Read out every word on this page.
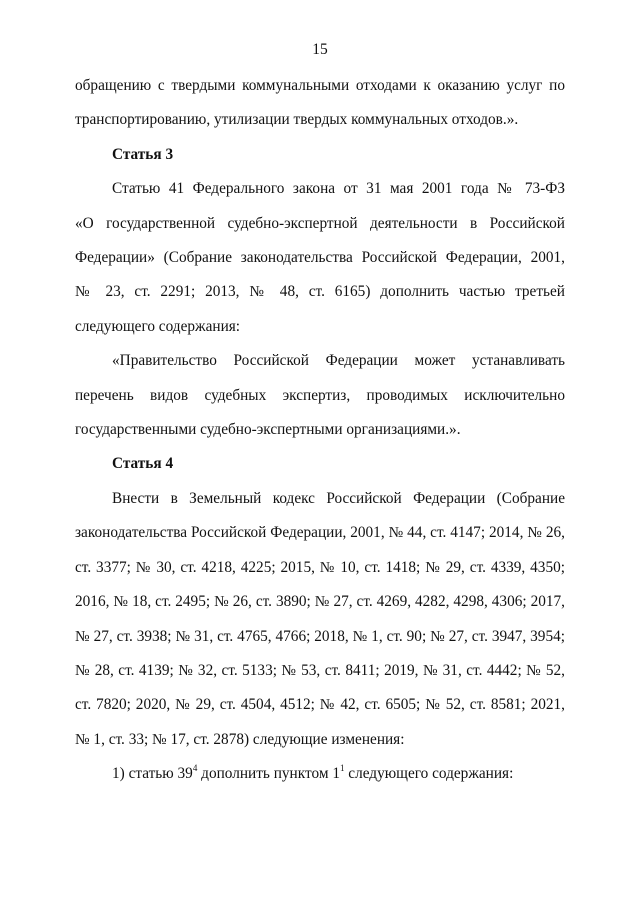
15

обращению с твердыми коммунальными отходами к оказанию услуг по
транспортированию, утилизации твердых коммунальных отходов.».

Статья 3

Статью 41 Федерального закона от 31 мая 2001 года № 73-ФЗ
«О государственной судебно-экспертной деятельности в Российской
Федерации» (Собрание законодательства Российской Федерации, 2001,
№ 23, ст. 2291; 2013, № 48, ст. 6165) дополнить частью третьей
следующего содержания:

«Правительство Российской Федерации может устанавливать
перечень видов судебных экспертиз, проводимых исключительно
государственными судебно-экспертными организациями.».

Статья 4

Внести в Земельный кодекс Российской Федерации (Собрание
законодательства Российской Федерации, 2001, № 44, ст. 4147; 2014, № 26,
ст. 3377; № 30, ст. 4218, 4225; 2015, № 10, ст. 1418; № 29, ст. 4339, 4350;
2016, № 18, ст. 2495; № 26, ст. 3890; № 27, ст. 4269, 4282, 4298, 4306; 2017,
№ 27, ст. 3938; № 31, ст. 4765, 4766; 2018, № 1, ст. 90; № 27, ст. 3947, 3954;
№ 28, ст. 4139; № 32, ст. 5133; № 53, ст. 8411; 2019, № 31, ст. 4442; № 52,
ст. 7820; 2020, № 29, ст. 4504, 4512; № 42, ст. 6505; № 52, ст. 8581; 2021,
№ 1, ст. 33; № 17, ст. 2878) следующие изменения:

1) статью $39^4$ дополнить пунктом $1^1$ следующего содержания:
